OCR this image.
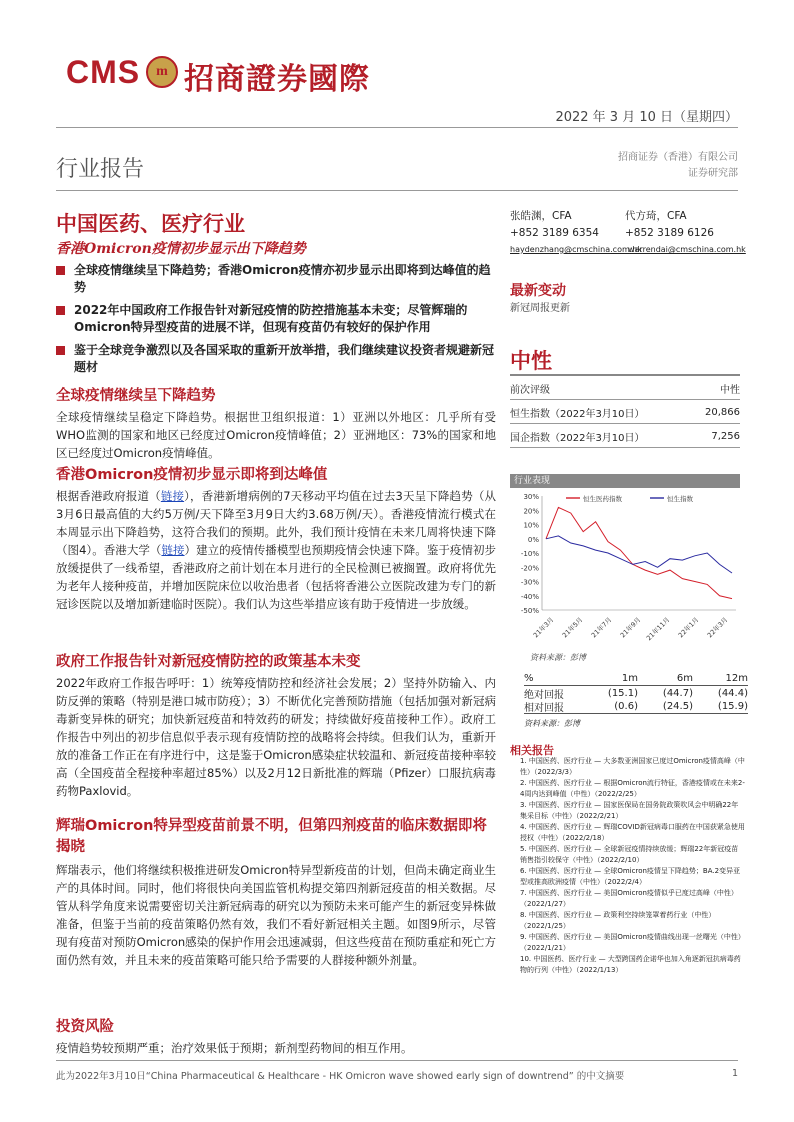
CMS	m 招商證券國際
2022 年 3 月 10 日（星期四）
行业报告	招商证券（香港）有限公司
证券研究部
中国医药、医疗行业
香港Omicron疫情初步显示出下降趋势
全球疫情继续呈下降趋势；香港Omicron疫情亦初步显示出即将到达峰值的趋势
2022年中国政府工作报告针对新冠疫情的防控措施基本未变；尽管辉瑞的Omicron特异型疫苗的进展不详，但现有疫苗仍有较好的保护作用
鉴于全球竞争激烈以及各国采取的重新开放举措，我们继续建议投资者规避新冠题材
全球疫情继续呈下降趋势
全球疫情继续呈稳定下降趋势。根据世卫组织报道：1）亚洲以外地区：几乎所有受WHO监测的国家和地区已经度过Omicron疫情峰值；2）亚洲地区：73%的国家和地区已经度过Omicron疫情峰值。
香港Omicron疫情初步显示即将到达峰值
根据香港政府报道（链接），香港新增病例的7天移动平均值在过去3天呈下降趋势（从3月6日最高值的大约5万例/天下降至3月9日大约3.68万例/天）。香港疫情流行模式在本周显示出下降趋势，这符合我们的预期。此外，我们预计疫情在未来几周将快速下降（图4）。香港大学（链接）建立的疫情传播模型也预期疫情会快速下降。鉴于疫情初步放缓提供了一线希望，香港政府之前计划在本月进行的全民检测已被搁置。政府将优先为老年人接种疫苗，并增加医院床位以收治患者（包括将香港公立医院改建为专门的新冠诊医院以及增加新建临时医院）。我们认为这些举措应该有助于疫情进一步放缓。
政府工作报告针对新冠疫情防控的政策基本未变
2022年政府工作报告呼吁：1）统筹疫情防控和经济社会发展；2）坚持外防输入、内防反弹的策略（特别是港口城市防疫）；3）不断优化完善预防措施（包括加强对新冠病毒新变异株的研究；加快新冠疫苗和特效药的研发；持续做好疫苗接种工作）。政府工作报告中列出的初步信息似乎表示现有疫情防控的战略将会持续。但我们认为，重新开放的准备工作正在有序进行中，这是鉴于Omicron感染症状较温和、新冠疫苗接种率较高（全国疫苗全程接种率超过85%）以及2月12日新批准的辉瑞（Pfizer）口服抗病毒药物Paxlovid。
辉瑞Omicron特异型疫苗前景不明，但第四剂疫苗的临床数据即将揭晓
辉瑞表示，他们将继续积极推进研发Omicron特异型新疫苗的计划，但尚未确定商业生产的具体时间。同时，他们将很快向美国监管机构提交第四剂新冠疫苗的相关数据。尽管从科学角度来说需要密切关注新冠病毒的研究以为预防未来可能产生的新冠变异株做准备，但鉴于当前的疫苗策略仍然有效，我们不看好新冠相关主题。如图9所示，尽管现有疫苗对预防Omicron感染的保护作用会迅速减弱，但这些疫苗在预防重症和死亡方面仍然有效，并且未来的疫苗策略可能只给予需要的人群接种额外剂量。
投资风险
疫情趋势较预期严重；治疗效果低于预期；新剂型药物间的相互作用。
张皓渊，CFA	代方琦，CFA
+852 3189 6354	+852 3189 6126
haydenzhang@cmschina.com.hk
warrendai@cmschina.com.hk
最新变动
新冠周报更新
中性
前次评级	中性
恒生指数（2022年3月10日）	20,866
国企指数（2022年3月10日）	7,256
行业表现
30%
20%
10%
0%
-10%
-20%
-30%
-40%
-50%
21年3月 21年5月 21年7月 21年9月 21年11月 22年1月 22年3月
恒生医药指数	恒生指数
资料来源：彭博
%	1m	6m	12m
绝对回报	(15.1)	(44.7)	(44.4)
相对回报	(0.6)	(24.5)	(15.9)
资料来源：彭博
相关报告
1. 中国医药、医疗行业 — 大多数亚洲国家已度过Omicron疫情高峰（中性）（2022/3/3）
2. 中国医药、医疗行业 — 根据Omicron流行特征，香港疫情或在未来2-4周内达到峰值（中性）（2022/2/25）
3. 中国医药、医疗行业 — 国家医保局在国务院政策吹风会中明确22年集采目标（中性）（2022/2/21）
4. 中国医药、医疗行业 — 辉瑞COVID新冠病毒口服药在中国获紧急使用授权（中性）（2022/2/18）
5. 中国医药、医疗行业 — 全球新冠疫情持续放缓；辉瑞22年新冠疫苗销售指引较保守（中性）（2022/2/10）
6. 中国医药、医疗行业 — 全球Omicron疫情呈下降趋势；BA.2变异亚型或推高欧洲疫情（中性）（2022/2/4）
7. 中国医药、医疗行业 — 美国Omicron疫情似乎已度过高峰（中性）（2022/1/27）
8. 中国医药、医疗行业 — 政策利空持续笼罩着药行业（中性）（2022/1/25）
9. 中国医药、医疗行业 — 美国Omicron疫情曲线出现一丝曙光（中性）（2022/1/21）
10. 中国医药、医疗行业 — 大型跨国药企诺华也加入角逐新冠抗病毒药物的行列（中性）（2022/1/13）
此为2022年3月10日“China Pharmaceutical & Healthcare - HK Omicron wave showed early sign of downtrend” 的中文摘要	1
